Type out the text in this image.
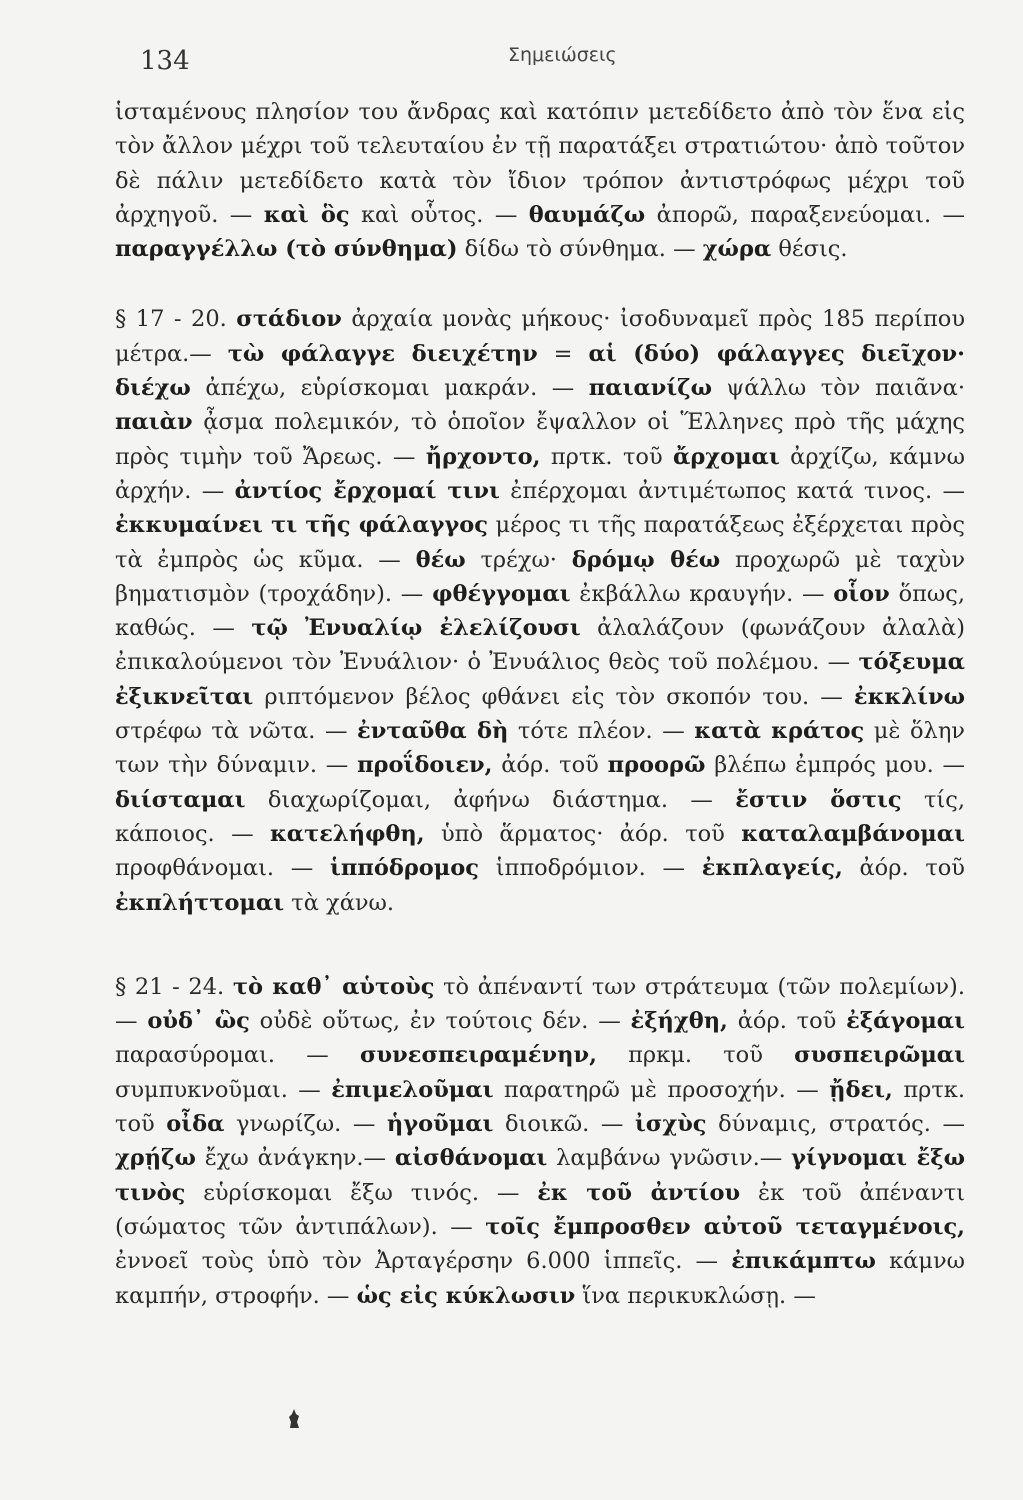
134	Σημειώσεις

ἱσταμένους πλησίον του ἄνδρας καὶ κατόπιν μετεδίδετο ἀπὸ τὸν ἕνα εἰς τὸν ἄλλον μέχρι τοῦ τελευταίου ἐν τῇ παρατάξει στρατιώτου· ἀπὸ τοῦτον δὲ πάλιν μετεδίδετο κατὰ τὸν ἴδιον τρόπον ἀντιστρόφως μέχρι τοῦ ἀρχηγοῦ. — καὶ ὃς καὶ οὗτος. — θαυμάζω ἀπορῶ, παραξενεύομαι. — παραγγέλλω (τὸ σύνθημα) δίδω τὸ σύνθημα. — χώρα θέσις.

§ 17 - 20. στάδιον ἀρχαία μονὰς μήκους· ἰσοδυναμεῖ πρὸς 185 περίπου μέτρα.— τὼ φάλαγγε διειχέτην = αἱ (δύο) φάλαγγες διεῖχον· διέχω ἀπέχω, εὑρίσκομαι μακράν. — παιανίζω ψάλλω τὸν παιᾶνα· παιὰν ᾆσμα πολεμικόν, τὸ ὁποῖον ἔψαλλον οἱ Ἕλληνες πρὸ τῆς μάχης πρὸς τιμὴν τοῦ Ἄρεως. — ἤρχοντο, πρτκ. τοῦ ἄρχομαι ἀρχίζω, κάμνω ἀρχήν. — ἀντίος ἔρχομαί τινι ἐπέρχομαι ἀντιμέτωπος κατά τινος. — ἐκκυμαίνει τι τῆς φάλαγγος μέρος τι τῆς παρατάξεως ἐξέρχεται πρὸς τὰ ἐμπρὸς ὡς κῦμα. — θέω τρέχω· δρόμῳ θέω προχωρῶ μὲ ταχὺν βηματισμὸν (τροχάδην). — φθέγγομαι ἐκβάλλω κραυγήν. — οἷον ὅπως, καθώς. — τῷ Ἐνυαλίῳ ἐλελίζουσι ἀλαλάζουν (φωνάζουν ἀλαλὰ) ἐπικαλούμενοι τὸν Ἐνυάλιον· ὁ Ἐνυάλιος θεὸς τοῦ πολέμου. — τόξευμα ἐξικνεῖται ριπτόμενον βέλος φθάνει εἰς τὸν σκοπόν του. — ἐκκλίνω στρέφω τὰ νῶτα. — ἐνταῦθα δὴ τότε πλέον. — κατὰ κράτος μὲ ὅλην των τὴν δύναμιν. — προΐδοιεν, ἀόρ. τοῦ προορῶ βλέπω ἐμπρός μου. — διίσταμαι διαχωρίζομαι, ἀφήνω διάστημα. — ἔστιν ὅστις τίς, κάποιος. — κατελήφθη, ὑπὸ ἅρματος· ἀόρ. τοῦ καταλαμβάνομαι προφθάνομαι. — ἱππόδρομος ἱπποδρόμιον. — ἐκπλαγείς, ἀόρ. τοῦ ἐκπλήττομαι τὰ χάνω.

§ 21 - 24. τὸ καθ᾽ αὑτοὺς τὸ ἀπέναντί των στράτευμα (τῶν πολεμίων). — οὐδ᾽ ὣς οὐδὲ οὕτως, ἐν τούτοις δέν. — ἐξήχθη, ἀόρ. τοῦ ἐξάγομαι παρασύρομαι. — συνεσπειραμένην, πρκμ. τοῦ συσπειρῶμαι συμπυκνοῦμαι. — ἐπιμελοῦμαι παρατηρῶ μὲ προσοχήν. — ᾔδει, πρτκ. τοῦ οἶδα γνωρίζω. — ἡγοῦμαι διοικῶ. — ἰσχὺς δύναμις, στρατός. — χρῄζω ἔχω ἀνάγκην.— αἰσθάνομαι λαμβάνω γνῶσιν.— γίγνομαι ἔξω τινὸς εὑρίσκομαι ἔξω τινός. — ἐκ τοῦ ἀντίου ἐκ τοῦ ἀπέναντι (σώματος τῶν ἀντιπάλων). — τοῖς ἔμπροσθεν αὐτοῦ τεταγμένοις, ἐννοεῖ τοὺς ὑπὸ τὸν Ἀρταγέρσην 6.000 ἱππεῖς. — ἐπικάμπτω κάμνω καμπήν, στροφήν. — ὡς εἰς κύκλωσιν ἵνα περικυκλώσῃ. —
